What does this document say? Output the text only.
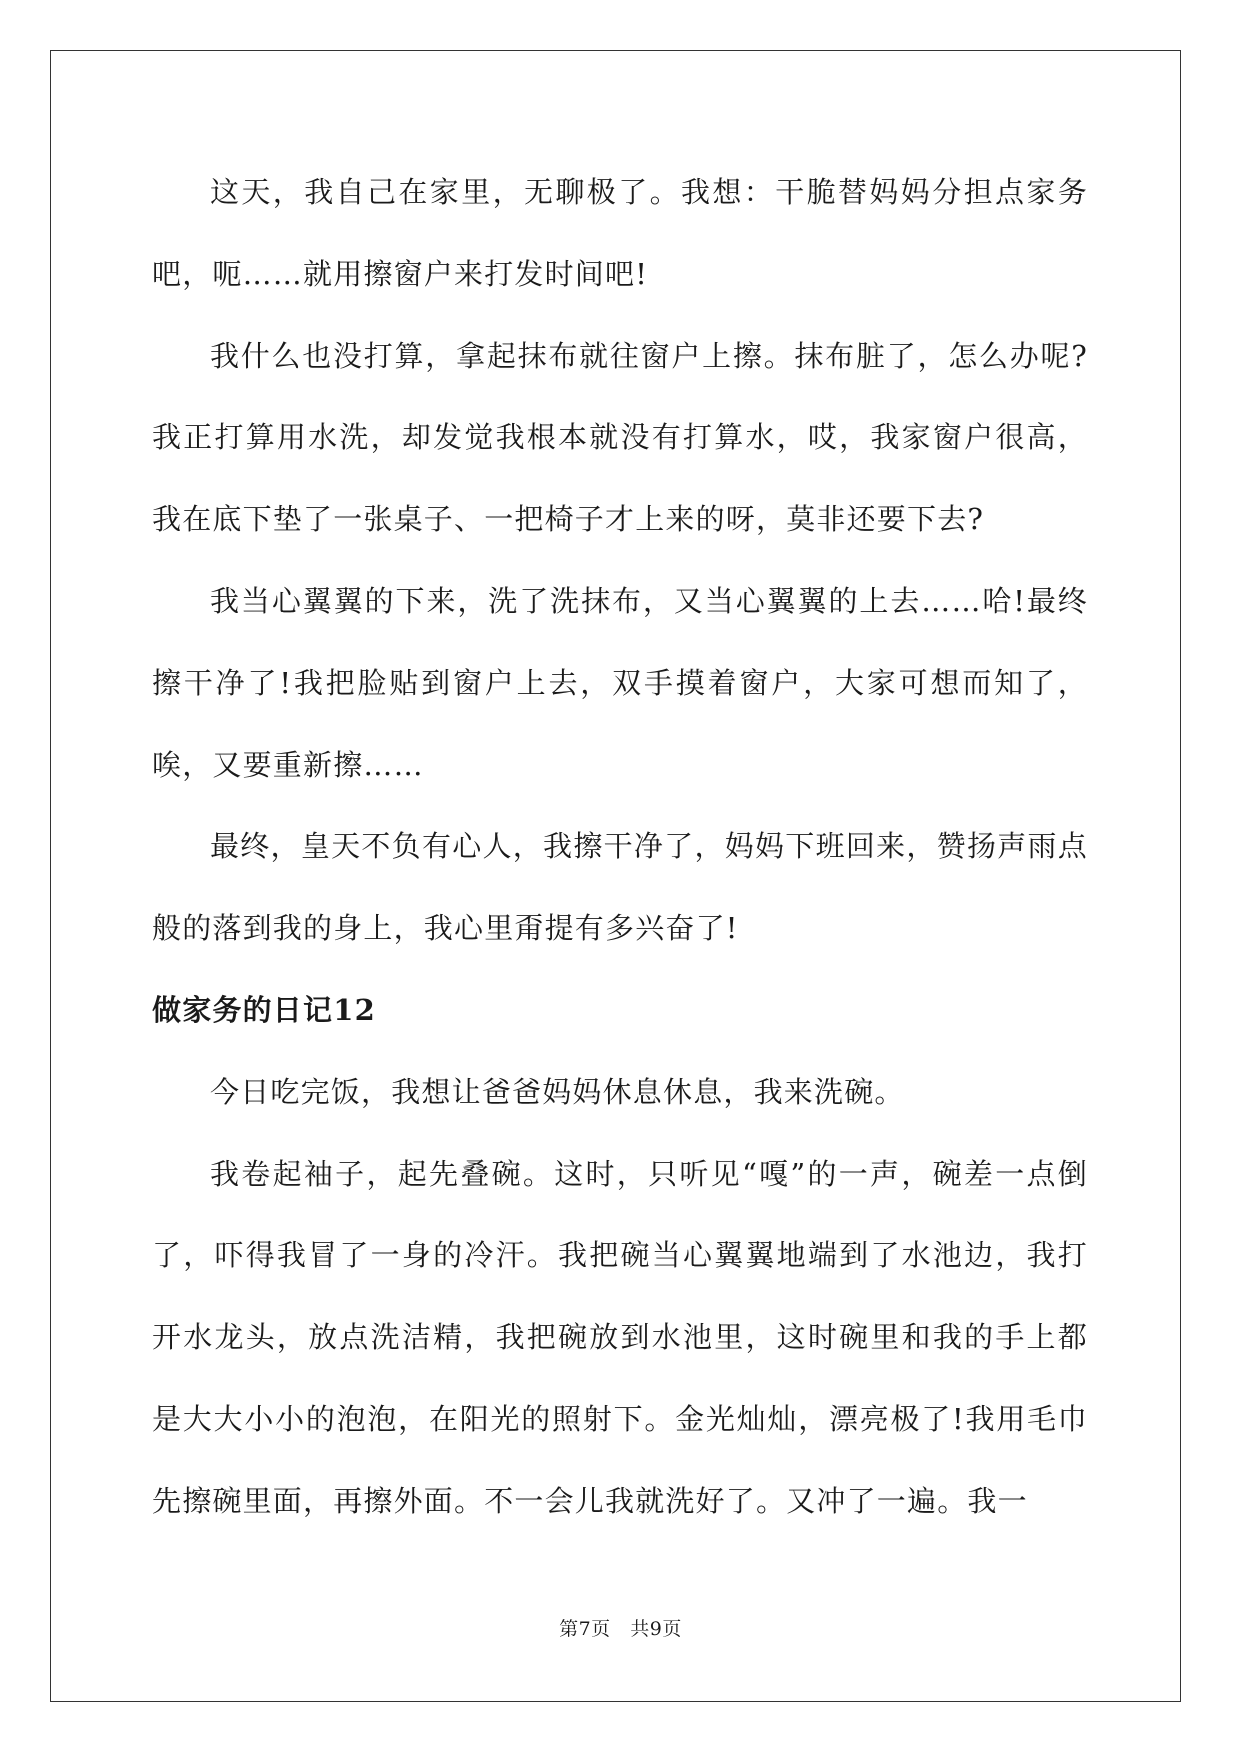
这天，我自己在家里，无聊极了。我想：干脆替妈妈分担点家务吧，呃……就用擦窗户来打发时间吧!

我什么也没打算，拿起抹布就往窗户上擦。抹布脏了，怎么办呢?我正打算用水洗，却发觉我根本就没有打算水，哎，我家窗户很高，我在底下垫了一张桌子、一把椅子才上来的呀，莫非还要下去?

我当心翼翼的下来，洗了洗抹布，又当心翼翼的上去……哈!最终擦干净了!我把脸贴到窗户上去，双手摸着窗户，大家可想而知了，唉，又要重新擦……

最终，皇天不负有心人，我擦干净了，妈妈下班回来，赞扬声雨点般的落到我的身上，我心里甭提有多兴奋了!

做家务的日记12

今日吃完饭，我想让爸爸妈妈休息休息，我来洗碗。

我卷起袖子，起先叠碗。这时，只听见“嘎”的一声，碗差一点倒了，吓得我冒了一身的冷汗。我把碗当心翼翼地端到了水池边，我打开水龙头，放点洗洁精，我把碗放到水池里，这时碗里和我的手上都是大大小小的泡泡，在阳光的照射下。金光灿灿，漂亮极了!我用毛巾先擦碗里面，再擦外面。不一会儿我就洗好了。又冲了一遍。我一

第7页   共9页
